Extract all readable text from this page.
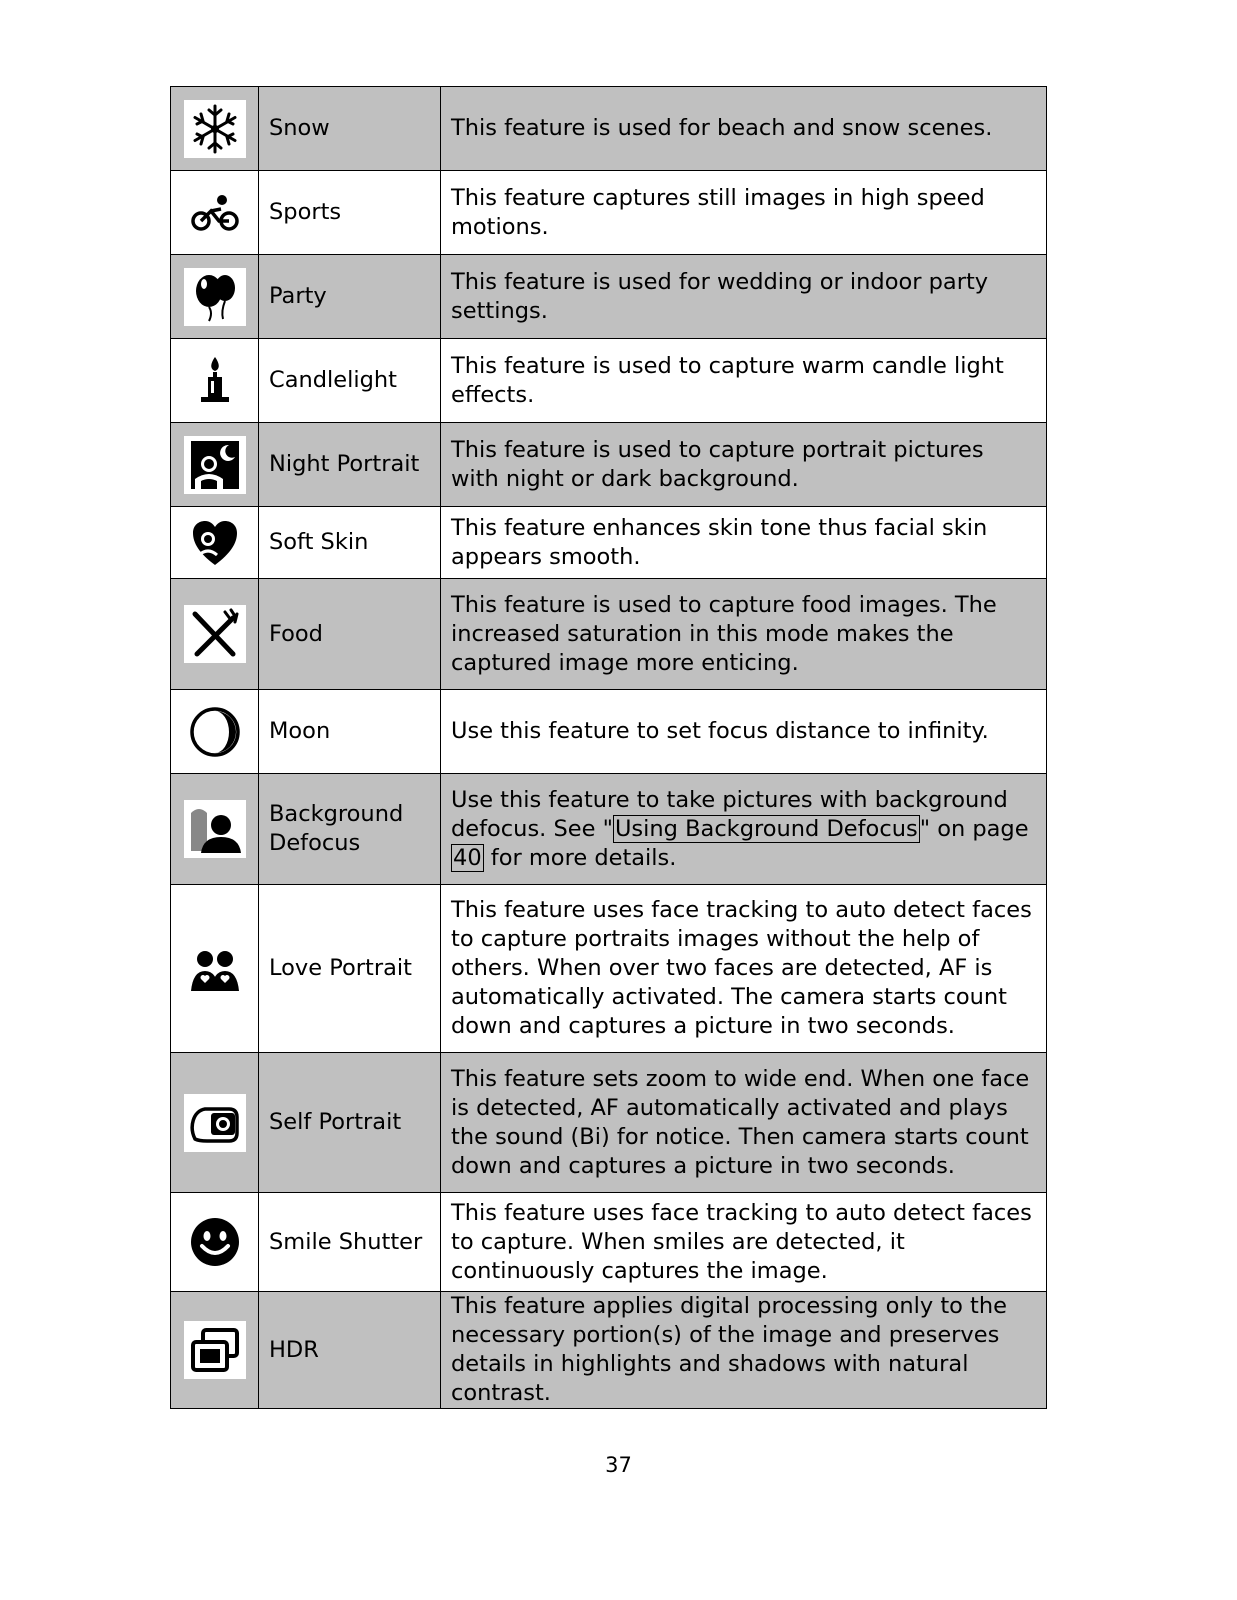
	Snow	This feature is used for beach and snow scenes.

	Sports	This feature captures still images in high speed motions.

	Party	This feature is used for wedding or indoor party settings.

	Candlelight	This feature is used to capture warm candle light effects.

	Night Portrait	This feature is used to capture portrait pictures with night or dark background.

	Soft Skin	This feature enhances skin tone thus facial skin appears smooth.

	Food	This feature is used to capture food images. The increased saturation in this mode makes the captured image more enticing.

	Moon	Use this feature to set focus distance to infinity.

	Background Defocus	Use this feature to take pictures with background defocus. See "Using Background Defocus" on page 40 for more details.

	Love Portrait	This feature uses face tracking to auto detect faces to capture portraits images without the help of others. When over two faces are detected, AF is automatically activated. The camera starts count down and captures a picture in two seconds.

	Self Portrait	This feature sets zoom to wide end. When one face is detected, AF automatically activated and plays the sound (Bi) for notice. Then camera starts count down and captures a picture in two seconds.

	Smile Shutter	This feature uses face tracking to auto detect faces to capture. When smiles are detected, it continuously captures the image.

	HDR	This feature applies digital processing only to the necessary portion(s) of the image and preserves details in highlights and shadows with natural contrast.
37
